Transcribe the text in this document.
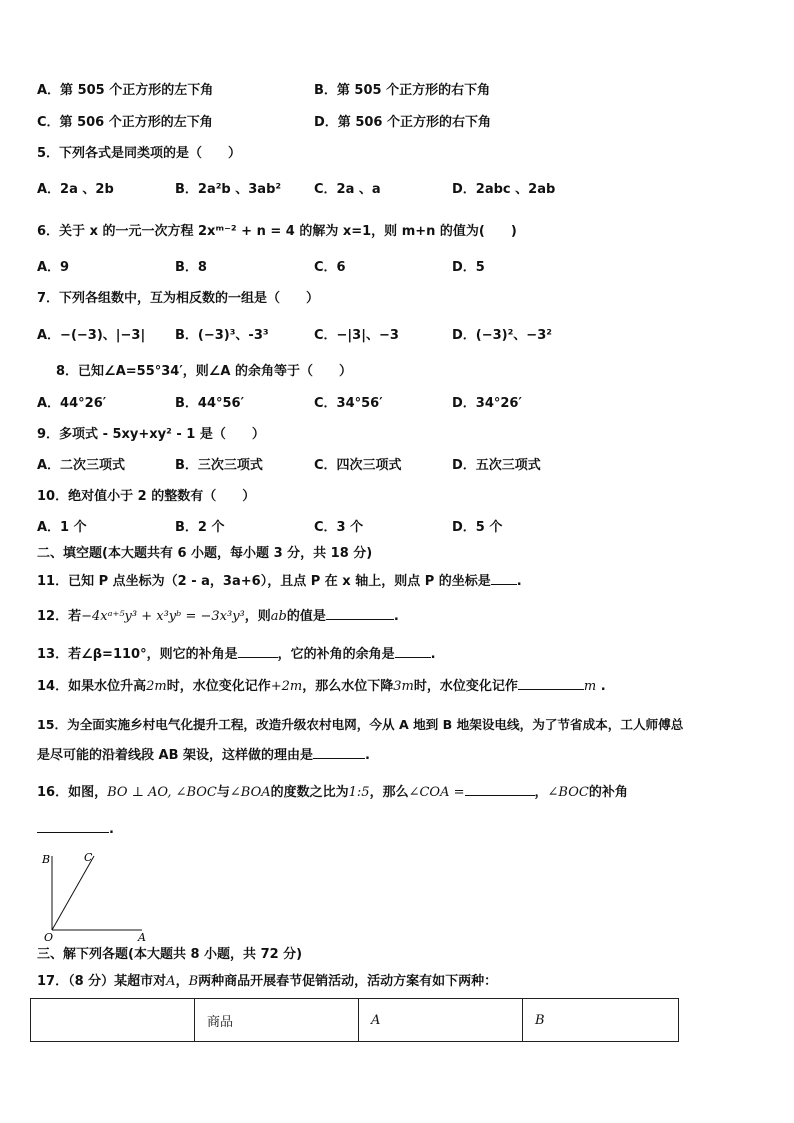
A．第 505 个正方形的左下角	B．第 505 个正方形的右下角
C．第 506 个正方形的左下角	D．第 506 个正方形的右下角
5．下列各式是同类项的是（　　）
A．2a 、2b	B．2a²b 、3ab²	C．2a 、a	D．2abc 、2ab
6．关于 x 的一元一次方程 2xᵐ⁻² + n = 4 的解为 x=1，则 m+n 的值为(　　)
A．9	B．8	C．6	D．5
7．下列各组数中，互为相反数的一组是（　　）
A．−(−3)、|−3| B．(−3)³、-3³	C．−|3|、−3	D．(−3)²、−3²
8．已知∠A=55°34′，则∠A 的余角等于（　　）
A．44°26′	B．44°56′	C．34°56′	D．34°26′
9．多项式 - 5xy+xy² - 1 是（　　）
A．二次三项式	B．三次三项式	C．四次三项式	D．五次三项式
10．绝对值小于 2 的整数有（　　）
A．1 个	B．2 个	C．3 个	D．5 个
二、填空题(本大题共有 6 小题，每小题 3 分，共 18 分)
11．已知 P 点坐标为（2 - a，3a+6），且点 P 在 x 轴上，则点 P 的坐标是 .
12．若−4xᵃ⁺⁵y³ + x³yᵇ = −3x³y³，则ab的值是	.
13．若∠β=110°，则它的补角是	，它的补角的余角是	.
14．如果水位升高2m时，水位变化记作+2m，那么水位下降3m时，水位变化记作	m .
15．为全面实施乡村电气化提升工程，改造升级农村电网，今从 A 地到 B 地架设电线，为了节省成本，工人师傅总
是尽可能的沿着线段 AB 架设，这样做的理由是	.
16．如图，BO ⊥ AO, ∠BOC与∠BOA的度数之比为1:5，那么∠COA =	，∠BOC的补角
.
B	C
O	A
三、解下列各题(本大题共 8 小题，共 72 分)
17．（8 分）某超市对A，B两种商品开展春节促销活动，活动方案有如下两种：
	商品	A	B
